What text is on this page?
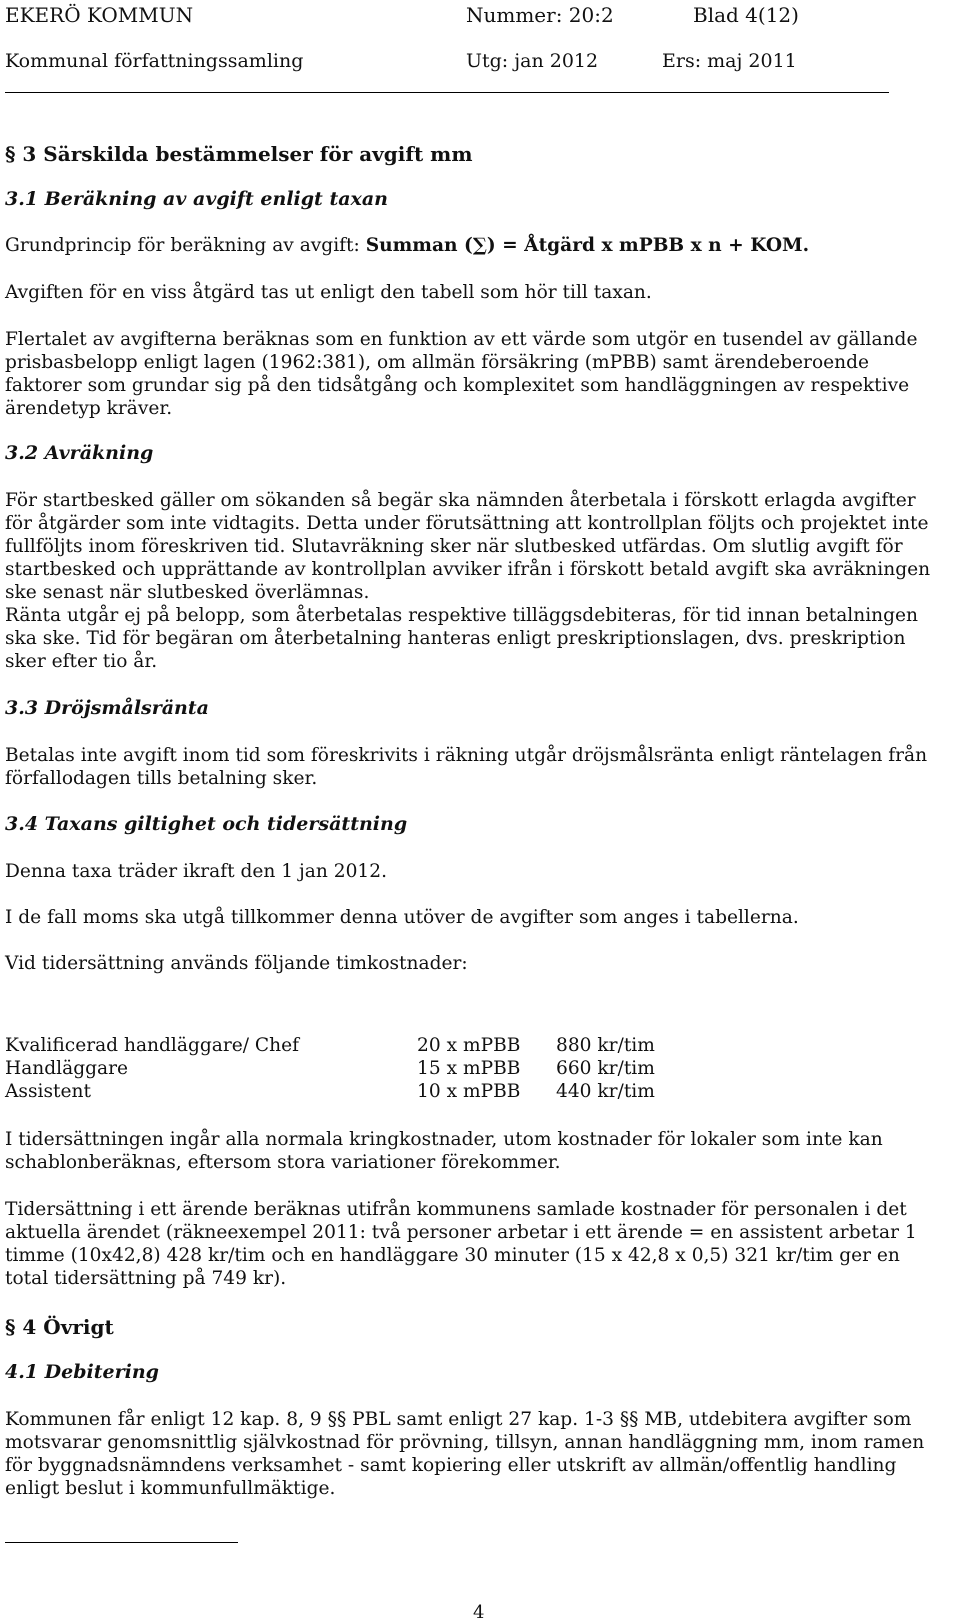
EKERÖ KOMMUN	Nummer: 20:2	Blad 4(12)
Kommunal författningssamling	Utg: jan 2012	Ers: maj 2011
§ 3 Särskilda bestämmelser för avgift mm
3.1 Beräkning av avgift enligt taxan

Grundprincip för beräkning av avgift: Summan (∑) = Åtgärd x mPBB x n + KOM.

Avgiften för en viss åtgärd tas ut enligt den tabell som hör till taxan.

Flertalet av avgifterna beräknas som en funktion av ett värde som utgör en tusendel av gällande prisbasbelopp enligt lagen (1962:381), om allmän försäkring (mPBB) samt ärendeberoende faktorer som grundar sig på den tidsåtgång och komplexitet som handläggningen av respektive ärendetyp kräver.

3.2 Avräkning

För startbesked gäller om sökanden så begär ska nämnden återbetala i förskott erlagda avgifter för åtgärder som inte vidtagits. Detta under förutsättning att kontrollplan följts och projektet inte fullföljts inom föreskriven tid. Slutavräkning sker när slutbesked utfärdas. Om slutlig avgift för startbesked och upprättande av kontrollplan avviker ifrån i förskott betald avgift ska avräkningen ske senast när slutbesked överlämnas.

Ränta utgår ej på belopp, som återbetalas respektive tilläggsdebiteras, för tid innan betalningen ska ske. Tid för begäran om återbetalning hanteras enligt preskriptionslagen, dvs. preskription sker efter tio år.

3.3 Dröjsmålsränta

Betalas inte avgift inom tid som föreskrivits i räkning utgår dröjsmålsränta enligt räntelagen från förfallodagen tills betalning sker.

3.4 Taxans giltighet och tidersättning

Denna taxa träder ikraft den 1 jan 2012.

I de fall moms ska utgå tillkommer denna utöver de avgifter som anges i tabellerna.

Vid tidersättning används följande timkostnader:

Kvalificerad handläggare/ Chef	20 x mPBB 880 kr/tim
Handläggare	15 x mPBB 660 kr/tim
Assistent	10 x mPBB 440 kr/tim

I tidersättningen ingår alla normala kringkostnader, utom kostnader för lokaler som inte kan schablonberäknas, eftersom stora variationer förekommer.

Tidersättning i ett ärende beräknas utifrån kommunens samlade kostnader för personalen i det aktuella ärendet (räkneexempel 2011: två personer arbetar i ett ärende = en assistent arbetar 1 timme (10x42,8) 428 kr/tim och en handläggare 30 minuter (15 x 42,8 x 0,5) 321 kr/tim ger en total tidersättning på 749 kr).

§ 4 Övrigt
4.1 Debitering

Kommunen får enligt 12 kap. 8, 9 §§ PBL samt enligt 27 kap. 1-3 §§ MB, utdebitera avgifter som motsvarar genomsnittlig självkostnad för prövning, tillsyn, annan handläggning mm, inom ramen för byggnadsnämndens verksamhet - samt kopiering eller utskrift av allmän/offentlig handling enligt beslut i kommunfullmäktige.

4
